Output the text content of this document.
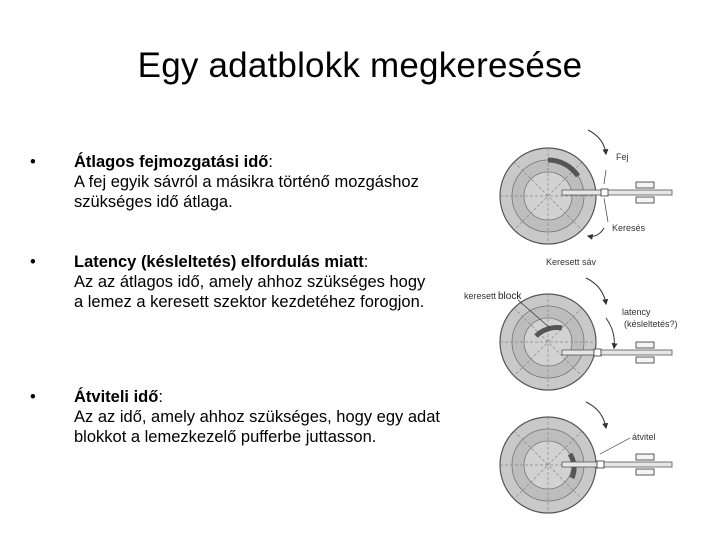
Egy adatblokk megkeresése
•	Átlagos fejmozgatási idő:
A fej egyik sávról a másikra történő mozgáshoz szükséges idő átlaga.
•	Latency (késleltetés) elfordulás miatt:
Az az átlagos idő, amely ahhoz szükséges hogy a lemez a keresett szektor kezdetéhez forogjon.
•	Átviteli idő:
Az az idő, amely ahhoz szükséges, hogy egy adat blokkot a lemezkezelő pufferbe juttasson.
Fej
Keresés
Keresett sáv
keresett block
latency
(késleltetés?)
átvitel
